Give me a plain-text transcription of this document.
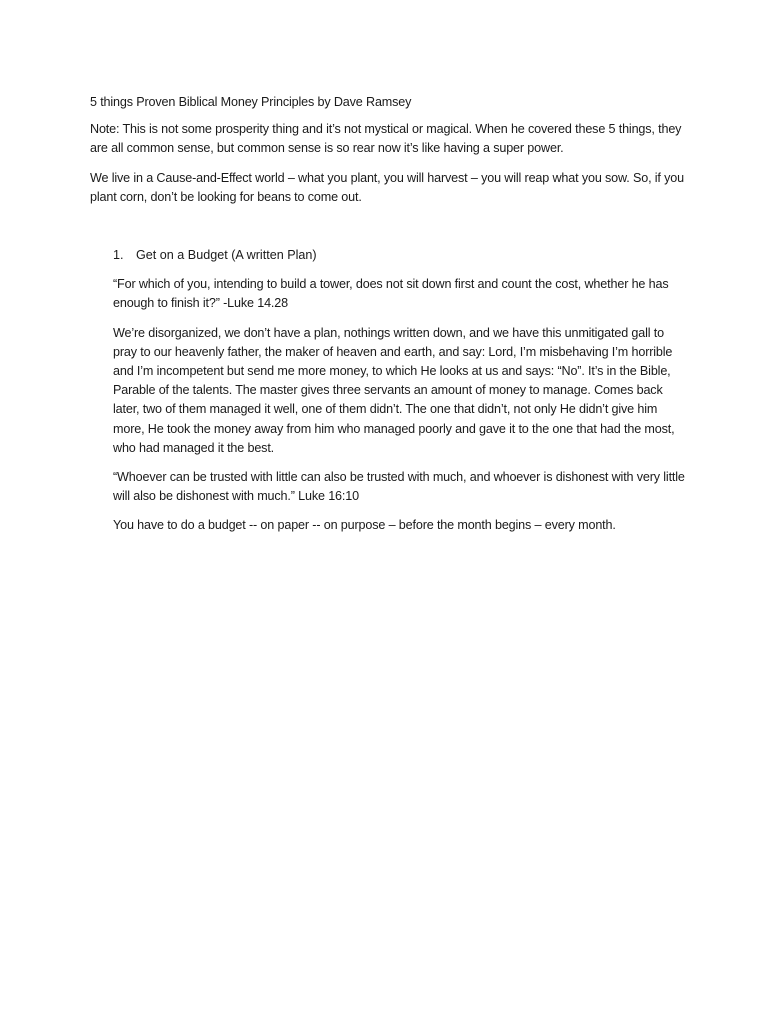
5 things Proven Biblical Money Principles by Dave Ramsey

Note: This is not some prosperity thing and it’s not mystical or magical. When he covered these 5 things, they are all common sense, but common sense is so rear now it’s like having a super power.

We live in a Cause-and-Effect world – what you plant, you will harvest – you will reap what you sow. So, if you plant corn, don’t be looking for beans to come out.

1. Get on a Budget (A written Plan)

“For which of you, intending to build a tower, does not sit down first and count the cost, whether he has enough to finish it?” -Luke 14.28

We’re disorganized, we don’t have a plan, nothings written down, and we have this unmitigated gall to pray to our heavenly father, the maker of heaven and earth, and say: Lord, I’m misbehaving I’m horrible and I’m incompetent but send me more money, to which He looks at us and says: “No”. It’s in the Bible, Parable of the talents. The master gives three servants an amount of money to manage. Comes back later, two of them managed it well, one of them didn’t. The one that didn’t, not only He didn’t give him more, He took the money away from him who managed poorly and gave it to the one that had the most, who had managed it the best.

“Whoever can be trusted with little can also be trusted with much, and whoever is dishonest with very little will also be dishonest with much.” Luke 16:10

You have to do a budget -- on paper -- on purpose – before the month begins – every month.
